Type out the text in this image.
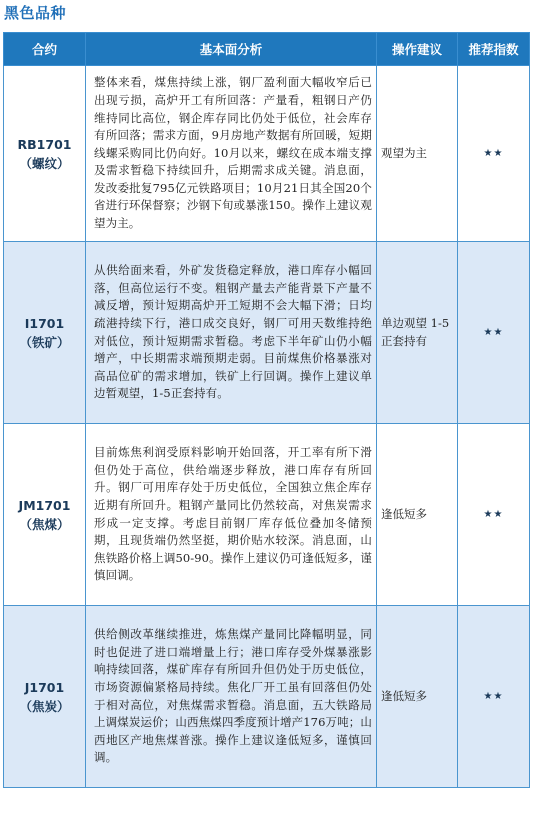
黑色品种
合约	基本面分析	操作建议	推荐指数

RB1701
（螺纹）	整体来看，煤焦持续上涨，钢厂盈利面大幅收窄后已出现亏损，高炉开工有所回落：产量看，粗钢日产仍维持同比高位，钢企库存同比仍处于低位，社会库存有所回落；需求方面，9月房地产数据有所回暖，短期线螺采购同比仍向好。10月以来，螺纹在成本端支撑及需求暂稳下持续回升，后期需求成关键。消息面，发改委批复795亿元铁路项目；10月21日其全国20个省进行环保督察；沙钢下旬或暴涨150。操作上建议观望为主。	观望为主	★★

I1701
（铁矿）	从供给面来看，外矿发货稳定释放，港口库存小幅回落，但高位运行不变。粗钢产量去产能背景下产量不减反增，预计短期高炉开工短期不会大幅下滑；日均疏港持续下行，港口成交良好，钢厂可用天数维持绝对低位，预计短期需求暂稳。考虑下半年矿山仍小幅增产，中长期需求端预期走弱。目前煤焦价格暴涨对高品位矿的需求增加，铁矿上行回调。操作上建议单边暂观望，1-5正套持有。	单边观望 1-5正套持有	★★

JM1701
（焦煤）	目前炼焦利润受原料影响开始回落，开工率有所下滑但仍处于高位，供给端逐步释放，港口库存有所回升。钢厂可用库存处于历史低位，全国独立焦企库存近期有所回升。粗钢产量同比仍然较高，对焦炭需求形成一定支撑。考虑目前钢厂库存低位叠加冬储预期，且现货端仍然坚挺，期价贴水较深。消息面，山焦铁路价格上调50-90。操作上建议仍可逢低短多，谨慎回调。	逢低短多	★★

J1701
（焦炭）	供给侧改革继续推进，炼焦煤产量同比降幅明显，同时也促进了进口端增量上行；港口库存受外煤暴涨影响持续回落，煤矿库存有所回升但仍处于历史低位，市场资源偏紧格局持续。焦化厂开工虽有回落但仍处于相对高位，对焦煤需求暂稳。消息面，五大铁路局上调煤炭运价；山西焦煤四季度预计增产176万吨；山西地区产地焦煤普涨。操作上建议逢低短多，谨慎回调。	逢低短多	★★
